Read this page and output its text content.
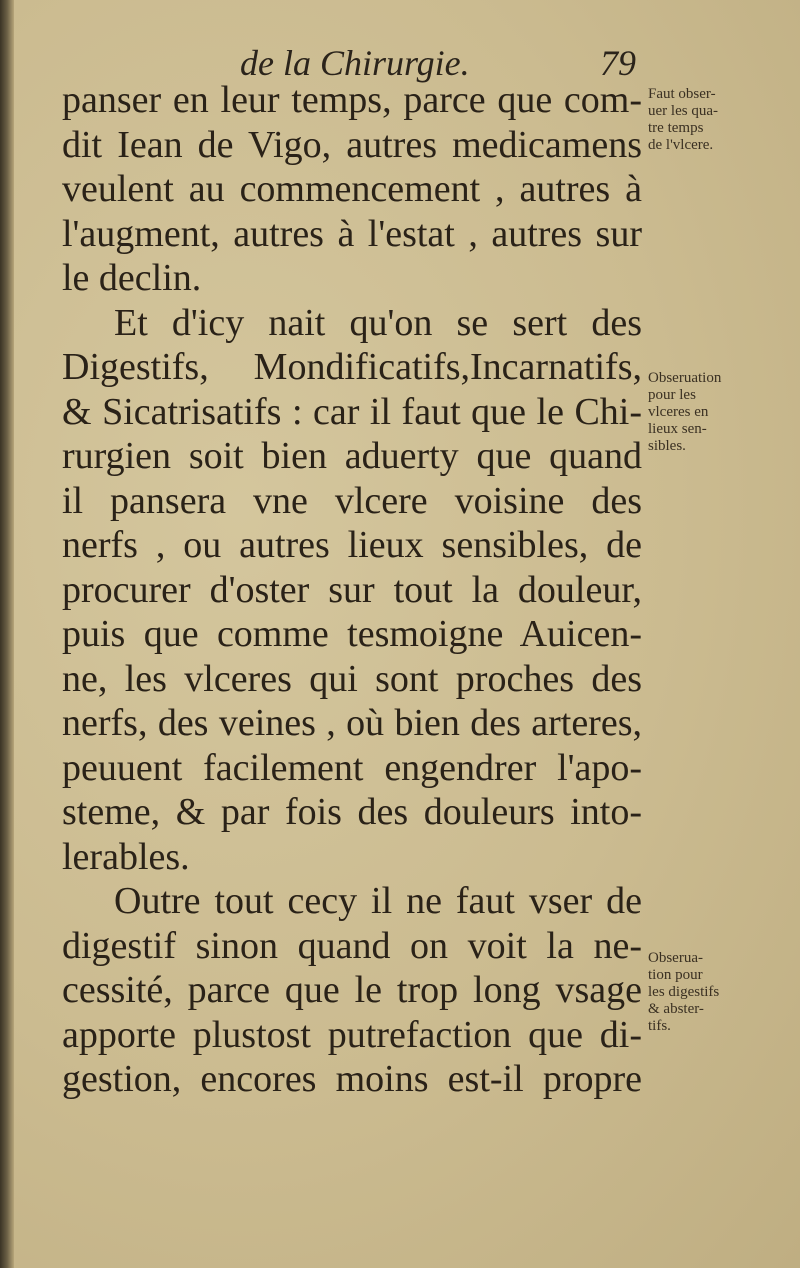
de la Chirurgie.	79
panser en leur temps, parce que com-
dit Iean de Vigo, autres medicamens
veulent au commencement , autres à
l'augment, autres à l'estat , autres sur
le declin.
Et d'icy nait qu'on se sert des
Digestifs, Mondificatifs,Incarnatifs,
& Sicatrisatifs : car il faut que le Chi-
rurgien soit bien aduerty que quand
il pansera vne vlcere voisine des
nerfs , ou autres lieux sensibles, de
procurer d'oster sur tout la douleur,
puis que comme tesmoigne Auicen-
ne, les vlceres qui sont proches des
nerfs, des veines , où bien des arteres,
peuuent facilement engendrer l'apo-
steme, & par fois des douleurs into-
lerables.
Outre tout cecy il ne faut vser de
digestif sinon quand on voit la ne-
cessité, parce que le trop long vsage
apporte plustost putrefaction que di-
gestion, encores moins est-il propre
Faut obser-
uer les qua-
tre temps
de l'vlcere.
Obseruation
pour les
vlceres en
lieux sen-
sibles.
Obserua-
tion pour
les digestifs
& abster-
tifs.
